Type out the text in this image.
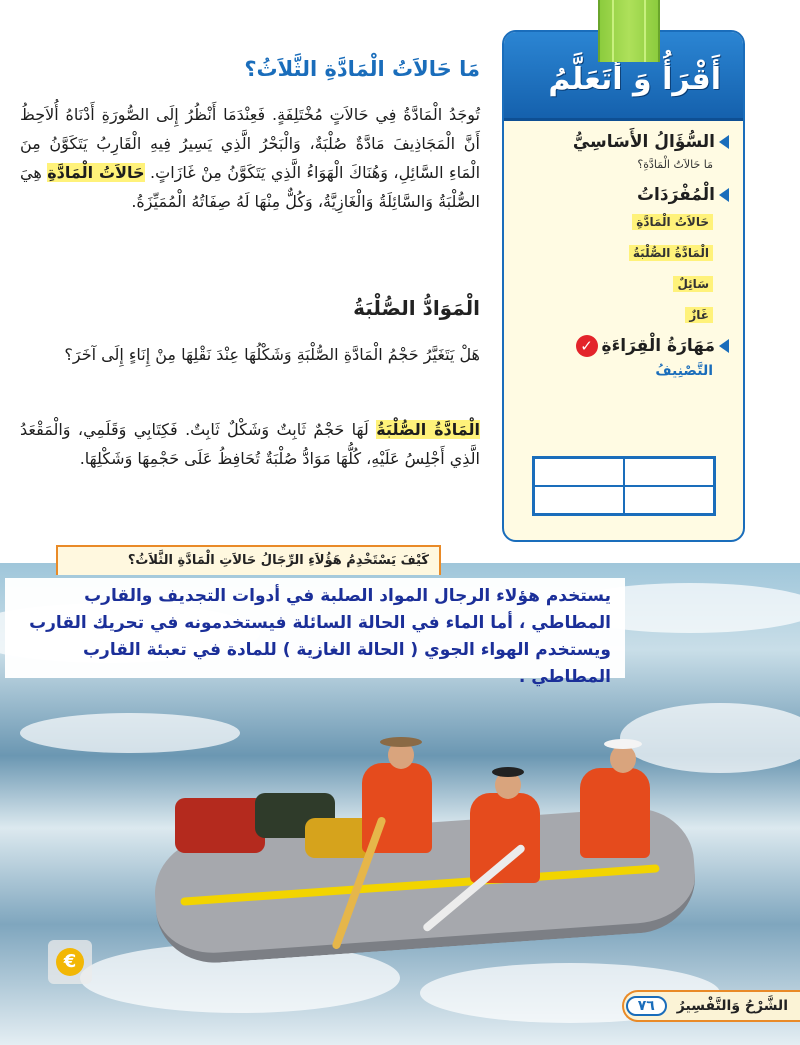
أَقْرَأُ وَ أَتَعَلَّمُ
السُّؤَالُ الأَسَاسِيُّ
مَا حَالاَتُ الْمَادَّةِ؟
الْمُفْرَدَاتُ
حَالاَتُ الْمَادَّةِ
الْمَادَّةُ الصُّلْبَةُ
سَائِلٌ
غَازٌ
مَهَارَةُ الْقِرَاءَةِ
✓
التَّصْنِيفُ
مَا حَالاَتُ الْمَادَّةِ الثَّلاَثُ؟
تُوجَدُ الْمَادَّةُ فِي حَالاَتٍ مُخْتَلِفَةٍ. فَعِنْدَمَا أَنْظُرُ إِلَى الصُّورَةِ أَدْنَاهُ أُلاَحِظُ أَنَّ الْمَجَاذِيفَ مَادَّةٌ صُلْبَةٌ، وَالْبَحْرُ الَّذِي يَسِيرُ فِيهِ الْقَارِبُ يَتَكَوَّنُ مِنَ الْمَاءِ السَّائِلِ، وَهُنَاكَ الْهَوَاءُ الَّذِي يَتَكَوَّنُ مِنْ غَازَاتٍ. حَالاَتُ الْمَادَّةِ هِيَ الصُّلْبَةُ وَالسَّائِلَةُ وَالْغَازِيَّةُ، وَكُلٌّ مِنْهَا لَهُ صِفَاتُهُ الْمُمَيِّزَةُ.
الْمَوَادُّ الصُّلْبَةُ
هَلْ يَتَغَيَّرُ حَجْمُ الْمَادَّةِ الصُّلْبَةِ وَشَكْلُهَا عِنْدَ نَقْلِهَا مِنْ إِنَاءٍ إِلَى آخَرَ؟
الْمَادَّةُ الصُّلْبَةُ لَهَا حَجْمٌ ثَابِتٌ وَشَكْلٌ ثَابِتٌ. فَكِتَابِي وَقَلَمِي، وَالْمَقْعَدُ الَّذِي أَجْلِسُ عَلَيْهِ، كُلُّهَا مَوَادُّ صُلْبَةٌ تُحَافِظُ عَلَى حَجْمِهَا وَشَكْلِهَا.
كَيْفَ يَسْتَخْدِمُ هَؤُلاَءِ الرِّجَالُ حَالاَتِ الْمَادَّةِ الثَّلاَثُ؟
يستخدم هؤلاء الرجال المواد الصلبة في أدوات التجديف والقارب المطاطي ، أما الماء في الحالة السائلة فيستخدمونه في تحريك القارب ويستخدم الهواء الجوي ( الحالة الغازية ) للمادة في تعبئة القارب المطاطي .
€
الشَّرْحُ وَالتَّفْسِيرُ
٧٦
